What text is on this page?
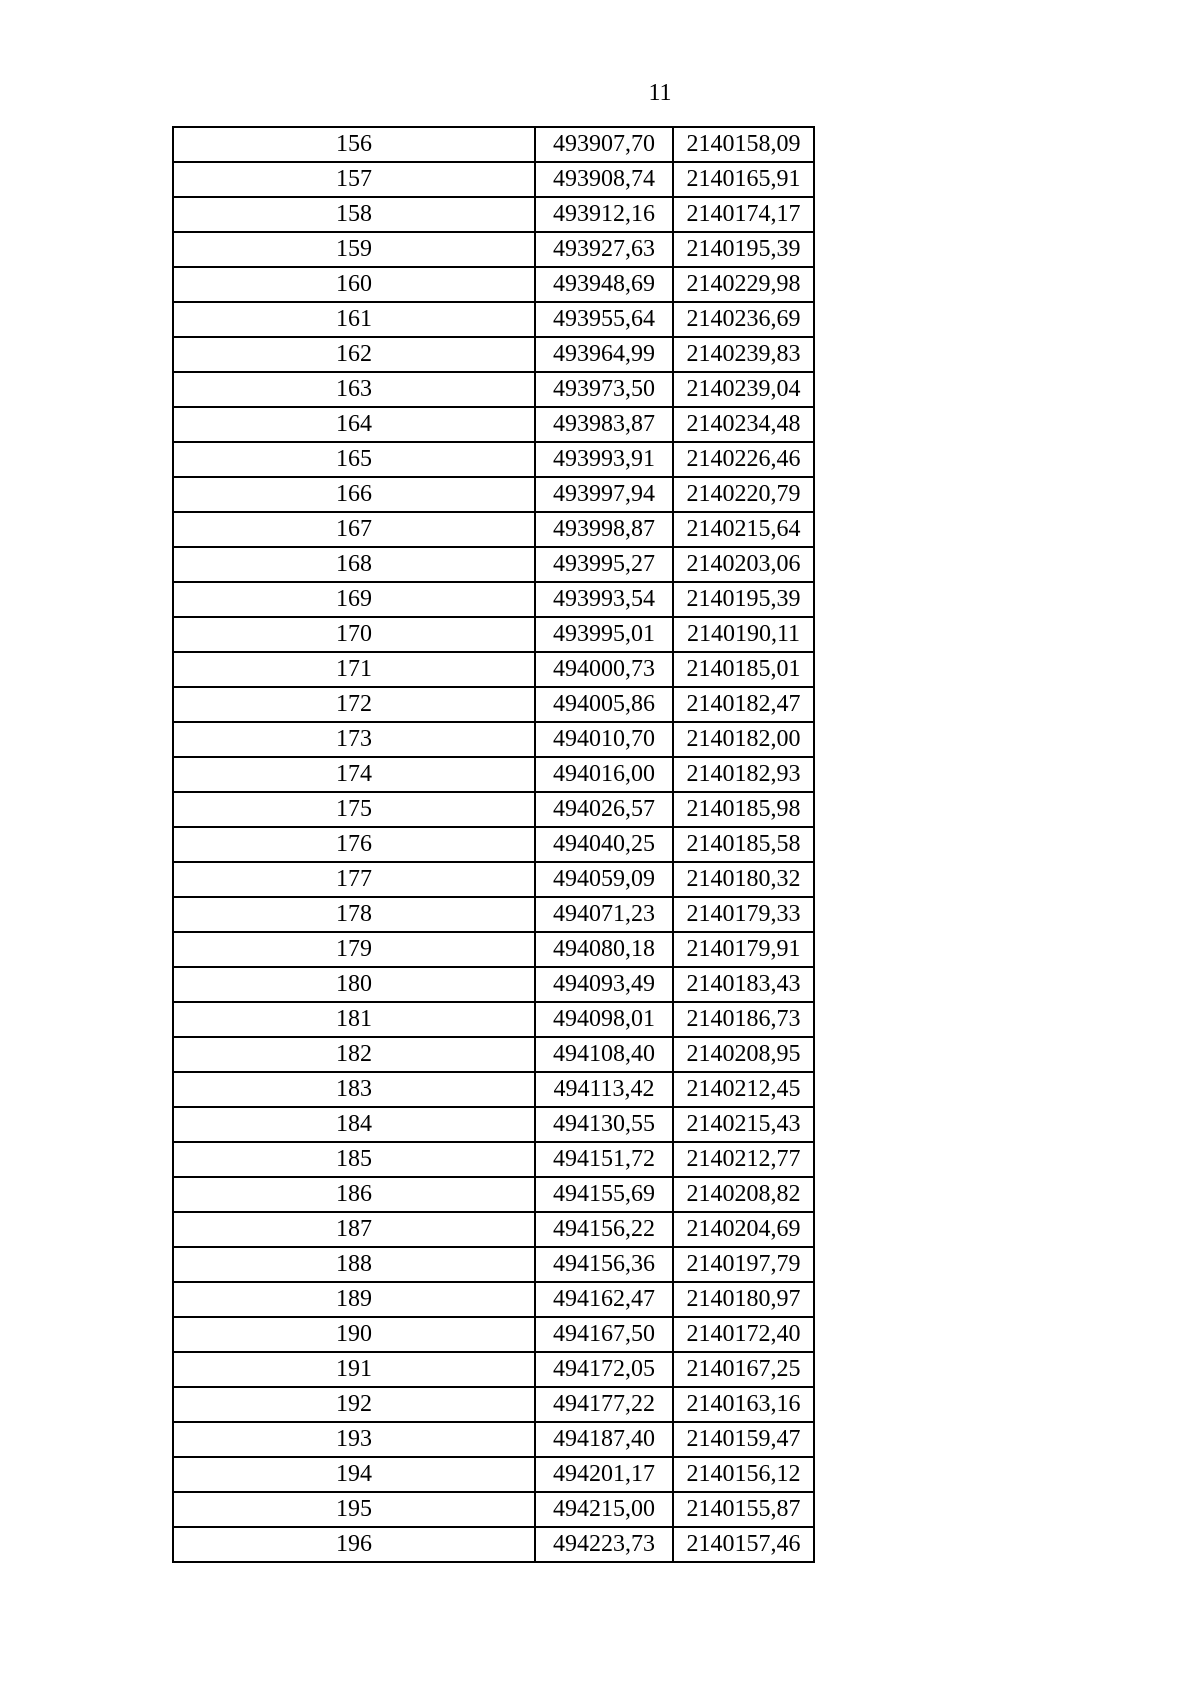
11
156	493907,70	2140158,09
157	493908,74	2140165,91
158	493912,16	2140174,17
159	493927,63	2140195,39
160	493948,69	2140229,98
161	493955,64	2140236,69
162	493964,99	2140239,83
163	493973,50	2140239,04
164	493983,87	2140234,48
165	493993,91	2140226,46
166	493997,94	2140220,79
167	493998,87	2140215,64
168	493995,27	2140203,06
169	493993,54	2140195,39
170	493995,01	2140190,11
171	494000,73	2140185,01
172	494005,86	2140182,47
173	494010,70	2140182,00
174	494016,00	2140182,93
175	494026,57	2140185,98
176	494040,25	2140185,58
177	494059,09	2140180,32
178	494071,23	2140179,33
179	494080,18	2140179,91
180	494093,49	2140183,43
181	494098,01	2140186,73
182	494108,40	2140208,95
183	494113,42	2140212,45
184	494130,55	2140215,43
185	494151,72	2140212,77
186	494155,69	2140208,82
187	494156,22	2140204,69
188	494156,36	2140197,79
189	494162,47	2140180,97
190	494167,50	2140172,40
191	494172,05	2140167,25
192	494177,22	2140163,16
193	494187,40	2140159,47
194	494201,17	2140156,12
195	494215,00	2140155,87
196	494223,73	2140157,46
